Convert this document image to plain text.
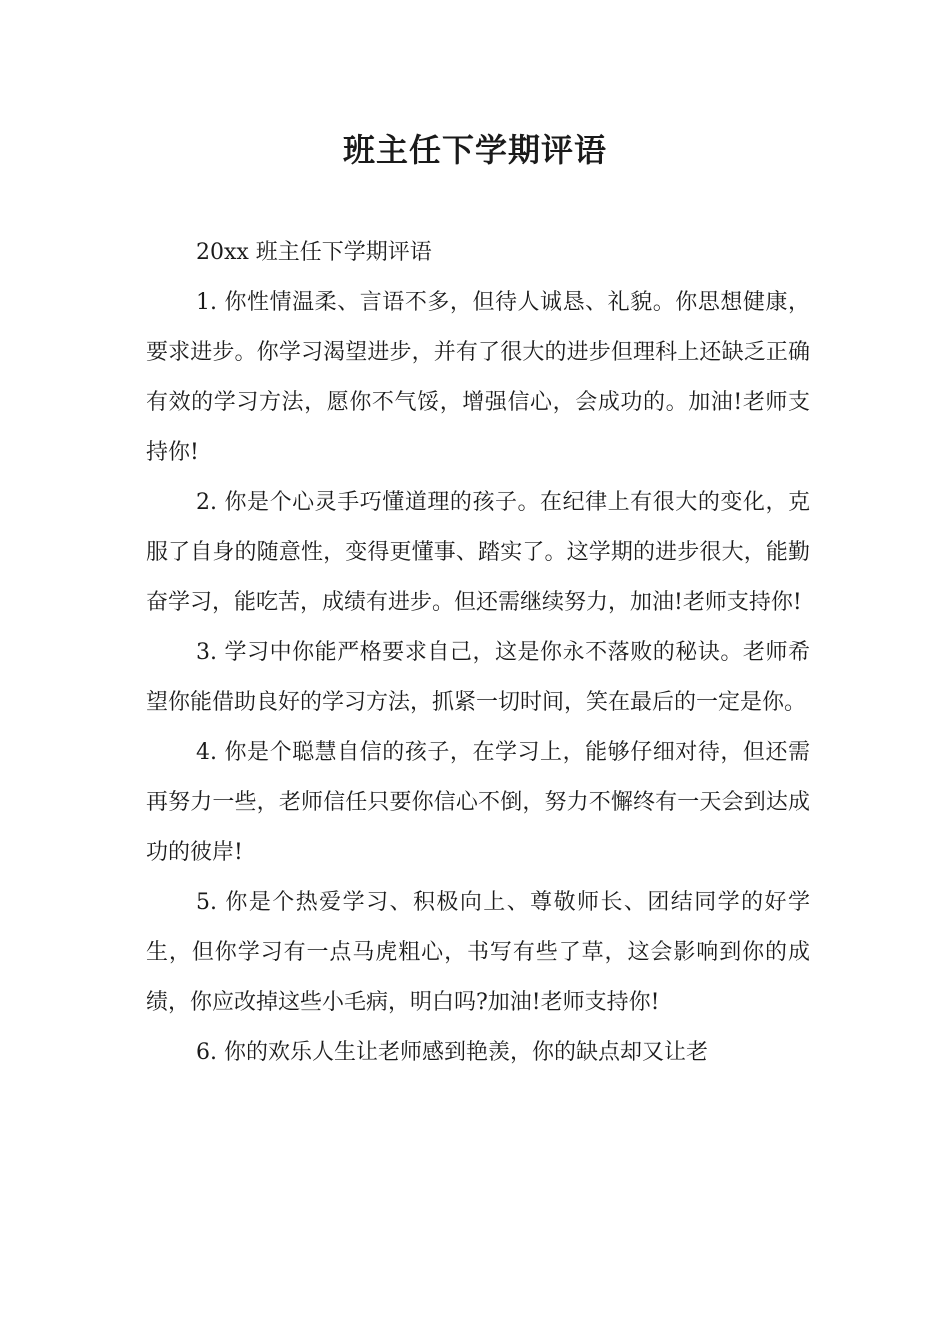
班主任下学期评语

20xx 班主任下学期评语

1. 你性情温柔、言语不多，但待人诚恳、礼貌。你思想健康，要求进步。你学习渴望进步，并有了很大的进步但理科上还缺乏正确有效的学习方法，愿你不气馁，增强信心，会成功的。加油!老师支持你!

2. 你是个心灵手巧懂道理的孩子。在纪律上有很大的变化，克服了自身的随意性，变得更懂事、踏实了。这学期的进步很大，能勤奋学习，能吃苦，成绩有进步。但还需继续努力，加油!老师支持你!

3. 学习中你能严格要求自己，这是你永不落败的秘诀。老师希望你能借助良好的学习方法，抓紧一切时间，笑在最后的一定是你。

4. 你是个聪慧自信的孩子，在学习上，能够仔细对待，但还需再努力一些，老师信任只要你信心不倒，努力不懈终有一天会到达成功的彼岸!

5. 你是个热爱学习、积极向上、尊敬师长、团结同学的好学生，但你学习有一点马虎粗心，书写有些了草，这会影响到你的成绩，你应改掉这些小毛病，明白吗?加油!老师支持你!

6. 你的欢乐人生让老师感到艳羡，你的缺点却又让老
